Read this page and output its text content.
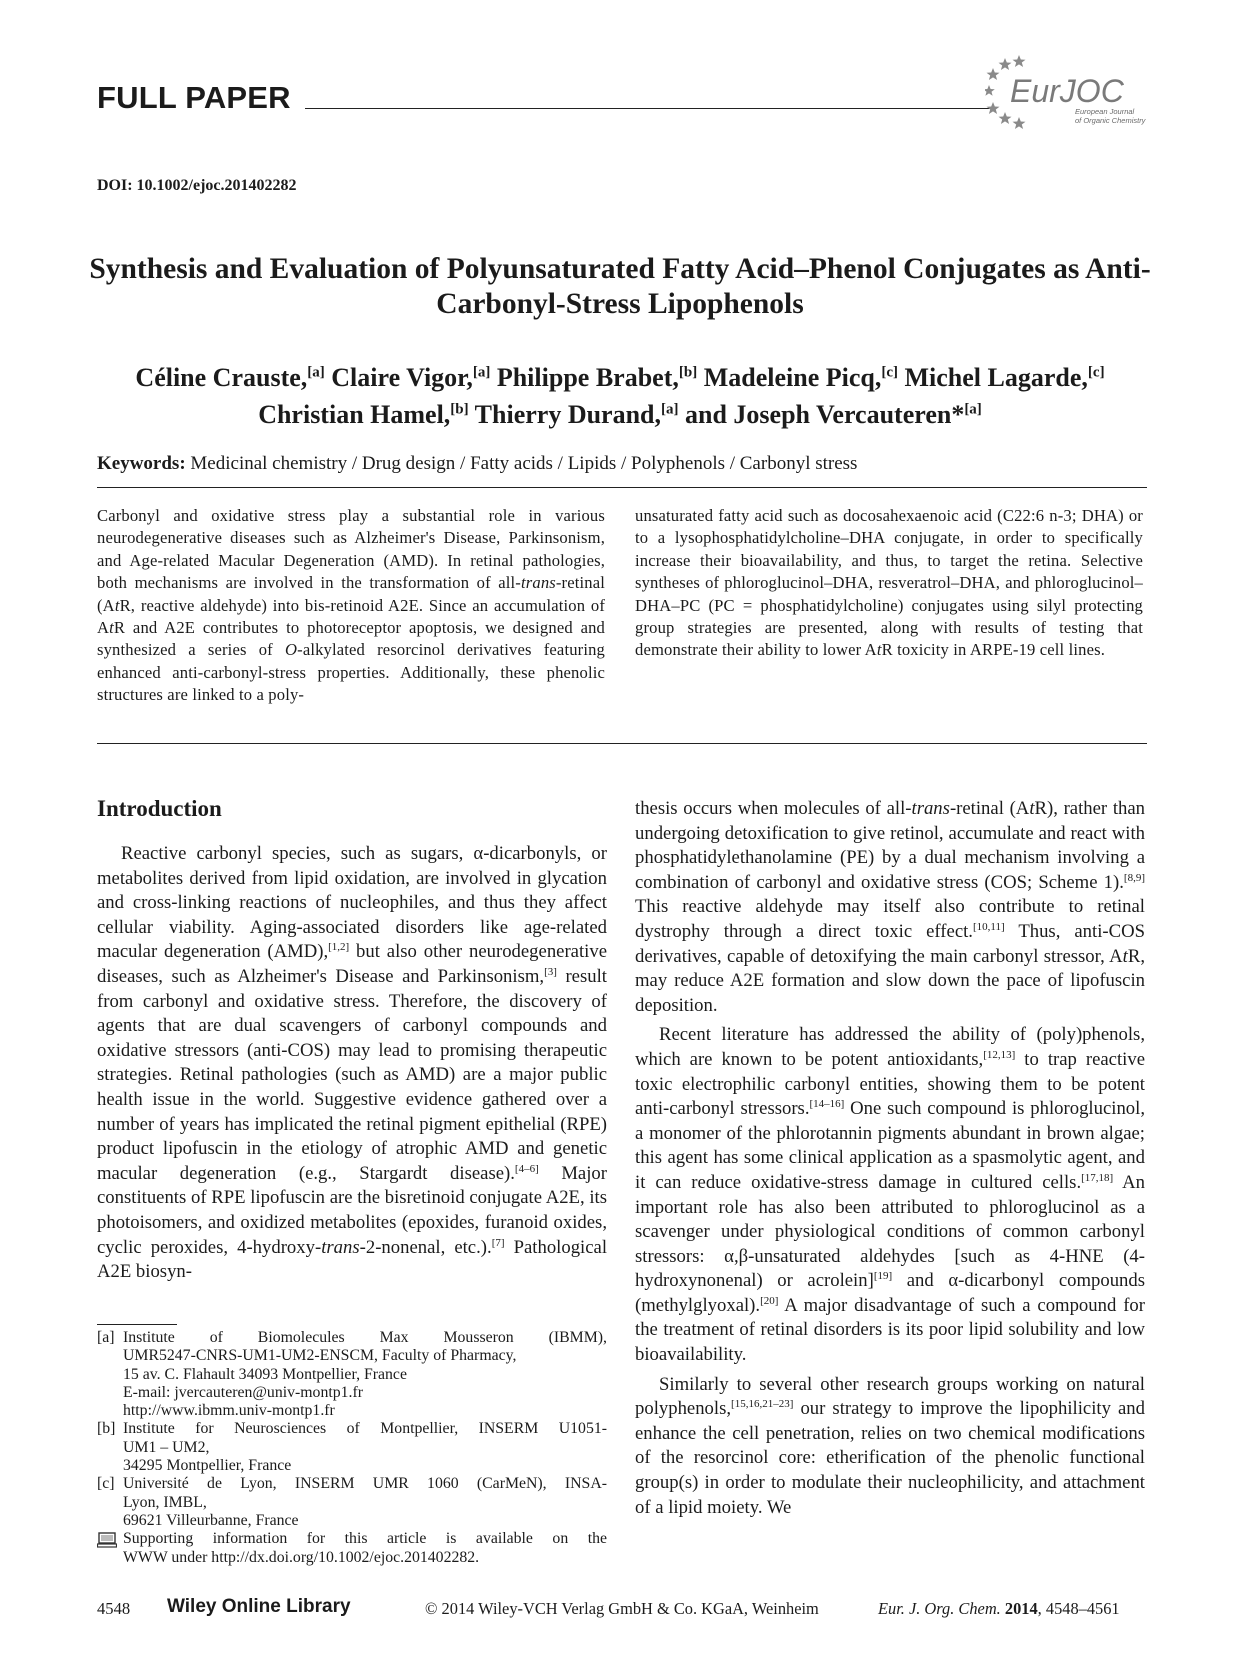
FULL PAPER	EurJOC
European Journal
of Organic Chemistry
DOI: 10.1002/ejoc.201402282
Synthesis and Evaluation of Polyunsaturated Fatty Acid–Phenol Conjugates as Anti-Carbonyl-Stress Lipophenols
Céline Crauste,[a] Claire Vigor,[a] Philippe Brabet,[b] Madeleine Picq,[c] Michel Lagarde,[c]
Christian Hamel,[b] Thierry Durand,[a] and Joseph Vercauteren*[a]
Keywords: Medicinal chemistry / Drug design / Fatty acids / Lipids / Polyphenols / Carbonyl stress
Carbonyl and oxidative stress play a substantial role in various neurodegenerative diseases such as Alzheimer's Disease, Parkinsonism, and Age-related Macular Degeneration (AMD). In retinal pathologies, both mechanisms are involved in the transformation of all-trans-retinal (AtR, reactive aldehyde) into bis-retinoid A2E. Since an accumulation of AtR and A2E contributes to photoreceptor apoptosis, we designed and synthesized a series of O-alkylated resorcinol derivatives featuring enhanced anti-carbonyl-stress properties. Additionally, these phenolic structures are linked to a poly-
unsaturated fatty acid such as docosahexaenoic acid (C22:6 n-3; DHA) or to a lysophosphatidylcholine–DHA conjugate, in order to specifically increase their bioavailability, and thus, to target the retina. Selective syntheses of phloroglucinol–DHA, resveratrol–DHA, and phloroglucinol–DHA–PC (PC = phosphatidylcholine) conjugates using silyl protecting group strategies are presented, along with results of testing that demonstrate their ability to lower AtR toxicity in ARPE-19 cell lines.
Introduction

Reactive carbonyl species, such as sugars, α-dicarbonyls, or metabolites derived from lipid oxidation, are involved in glycation and cross-linking reactions of nucleophiles, and thus they affect cellular viability. Aging-associated disorders like age-related macular degeneration (AMD),[1,2] but also other neurodegenerative diseases, such as Alzheimer's Disease and Parkinsonism,[3] result from carbonyl and oxidative stress. Therefore, the discovery of agents that are dual scavengers of carbonyl compounds and oxidative stressors (anti-COS) may lead to promising therapeutic strategies. Retinal pathologies (such as AMD) are a major public health issue in the world. Suggestive evidence gathered over a number of years has implicated the retinal pigment epithelial (RPE) product lipofuscin in the etiology of atrophic AMD and genetic macular degeneration (e.g., Stargardt disease).[4–6] Major constituents of RPE lipofuscin are the bisretinoid conjugate A2E, its photoisomers, and oxidized metabolites (epoxides, furanoid oxides, cyclic peroxides, 4-hydroxy-trans-2-nonenal, etc.).[7] Pathological A2E biosyn-

thesis occurs when molecules of all-trans-retinal (AtR), rather than undergoing detoxification to give retinol, accumulate and react with phosphatidylethanolamine (PE) by a dual mechanism involving a combination of carbonyl and oxidative stress (COS; Scheme 1).[8,9] This reactive aldehyde may itself also contribute to retinal dystrophy through a direct toxic effect.[10,11] Thus, anti-COS derivatives, capable of detoxifying the main carbonyl stressor, AtR, may reduce A2E formation and slow down the pace of lipofuscin deposition.

Recent literature has addressed the ability of (poly)phenols, which are known to be potent antioxidants,[12,13] to trap reactive toxic electrophilic carbonyl entities, showing them to be potent anti-carbonyl stressors.[14–16] One such compound is phloroglucinol, a monomer of the phlorotannin pigments abundant in brown algae; this agent has some clinical application as a spasmolytic agent, and it can reduce oxidative-stress damage in cultured cells.[17,18] An important role has also been attributed to phloroglucinol as a scavenger under physiological conditions of common carbonyl stressors: α,β-unsaturated aldehydes [such as 4-HNE (4-hydroxynonenal) or acrolein][19] and α-dicarbonyl compounds (methylglyoxal).[20] A major disadvantage of such a compound for the treatment of retinal disorders is its poor lipid solubility and low bioavailability.

Similarly to several other research groups working on natural polyphenols,[15,16,21–23] our strategy to improve the lipophilicity and enhance the cell penetration, relies on two chemical modifications of the resorcinol core: etherification of the phenolic functional group(s) in order to modulate their nucleophilicity, and attachment of a lipid moiety. We

[a] Institute of Biomolecules Max Mousseron (IBMM),
UMR5247-CNRS-UM1-UM2-ENSCM, Faculty of Pharmacy,
15 av. C. Flahault 34093 Montpellier, France
E-mail: jvercauteren@univ-montp1.fr
http://www.ibmm.univ-montp1.fr
[b] Institute for Neurosciences of Montpellier, INSERM U1051-
UM1 – UM2,
34295 Montpellier, France
[c] Université de Lyon, INSERM UMR 1060 (CarMeN), INSA-
Lyon, IMBL,
69621 Villeurbanne, France
Supporting information for this article is available on the
WWW under http://dx.doi.org/10.1002/ejoc.201402282.
4548 Wiley Online Library	© 2014 Wiley-VCH Verlag GmbH & Co. KGaA, Weinheim	Eur. J. Org. Chem. 2014, 4548–4561
